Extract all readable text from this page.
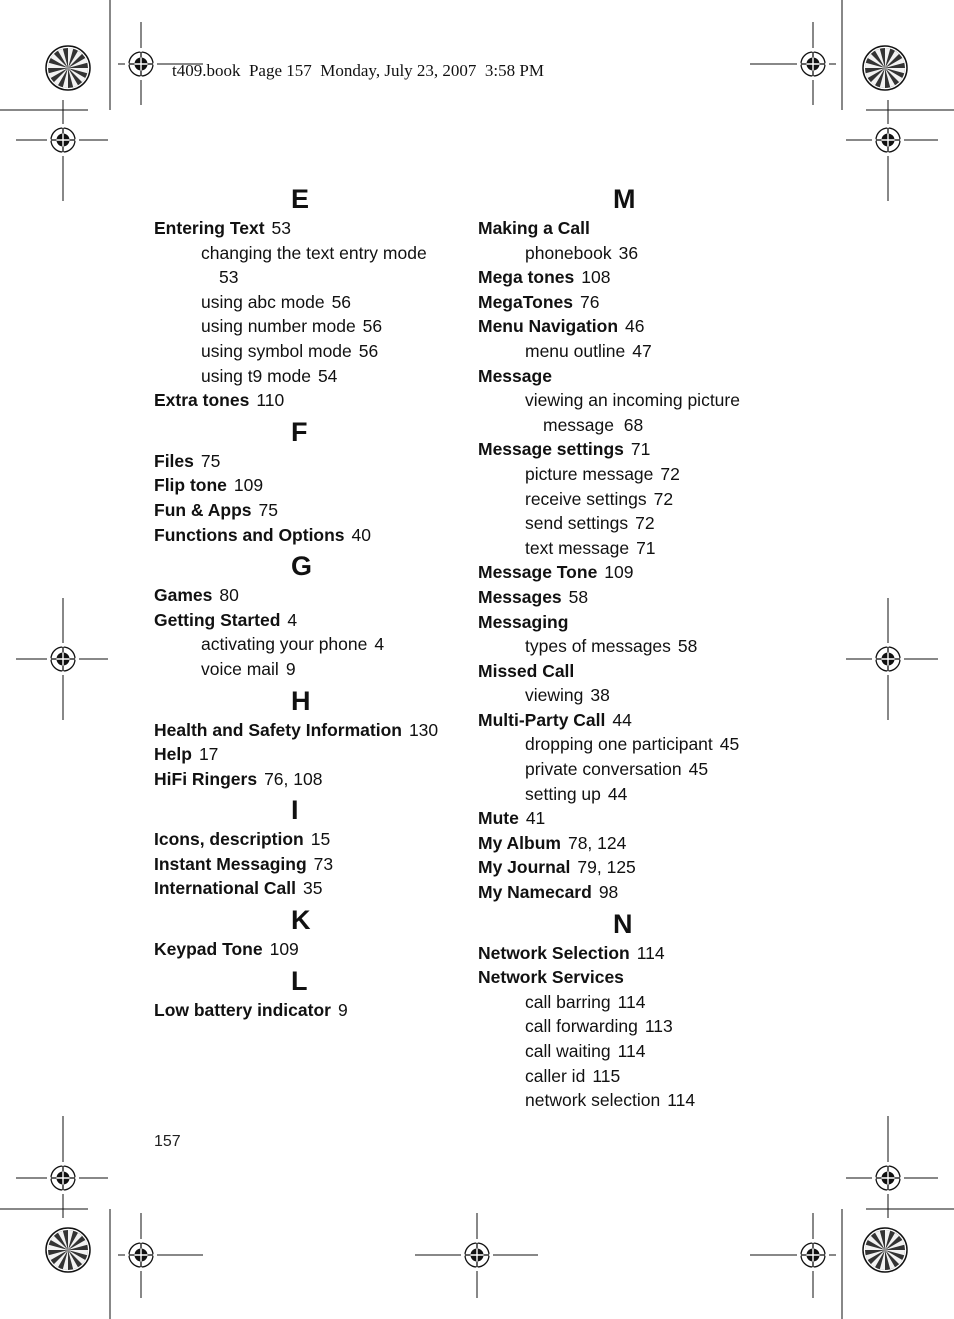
t409.book  Page 157  Monday, July 23, 2007  3:58 PM
E
Entering Text 53
changing the text entry mode
53
using abc mode 56
using number mode 56
using symbol mode 56
using t9 mode 54
Extra tones 110
F
Files 75
Flip tone 109
Fun & Apps 75
Functions and Options 40
G
Games 80
Getting Started 4
activating your phone 4
voice mail 9
H
Health and Safety Information 130
Help 17
HiFi Ringers 76, 108
I
Icons, description 15
Instant Messaging 73
International Call 35
K
Keypad Tone 109
L
Low battery indicator 9
M
Making a Call
phonebook 36
Mega tones 108
MegaTones 76
Menu Navigation 46
menu outline 47
Message
viewing an incoming picture
message  68
Message settings 71
picture message 72
receive settings 72
send settings 72
text message 71
Message Tone 109
Messages 58
Messaging
types of messages 58
Missed Call
viewing 38
Multi-Party Call 44
dropping one participant 45
private conversation 45
setting up 44
Mute 41
My Album 78, 124
My Journal 79, 125
My Namecard 98
N
Network Selection 114
Network Services
call barring 114
call forwarding 113
call waiting 114
caller id 115
network selection 114
157
